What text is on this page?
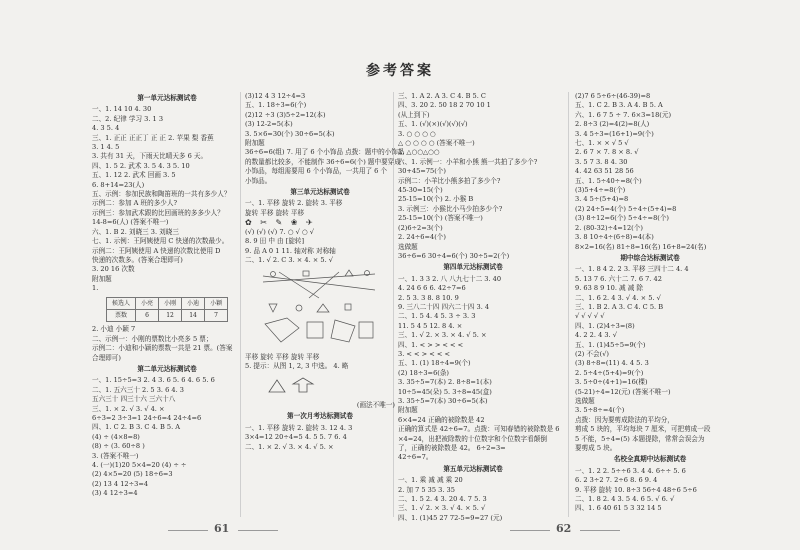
参考答案
第一单元达标测试卷
一、1. 14 10 4. 30
二、2. 纪律 学习 3. 1 3
4. 3 5. 4
三、1. 正正 正正丁 正 正 2. 苹果 梨 香蕉
3. 1 4. 5
3. 共有 31 天，下雨天比晴天多 6 天。
四、1. 5 2. 武术 3. 5 4. 3 5. 10
五、1. 12 2. 武术 回画 3. 5
6. 8+14=23(人)
五、示例：参加民族和陶笛班的一共有多少人？
示例二：参加 A 班的多少人?
示例三：参加武术跟的比回画班的多多少人？
14-8=6(人) (答案不唯一)
六、1. B 2. 刘晓三 3. 刘晓三
七、1. 示例：王阿姨使用 C 快递的次数最少。
示例二：王阿姨使用 A 快递的次数比使用 D
快递的次数多。(答案合理即可)
3. 20 16 次数
附加题
1.
候选人	小亮	小刚	小迪	小颖
票数	6	12	14	7
2. 小迪 小颖 7
二、示例一：小刚的票数比小亮多 5 票；
示例二：小迪和小颖的票数一共是 21 票。(答案
合理即可)
第二单元达标测试卷
一、1. 15÷5=3 2. 4 3. 6 5. 6 4. 6 5. 6
二、1. 五六三十 2. 5 3. 6 4. 3
五六三十 四三十六 三六十八
三、1. × 2. √ 3. √ 4. ×
6÷3=2 3÷3=1 24÷6=4 24÷4=6
四、1. C 2. B 3. C 4. B 5. A
(4) ÷ (4×8=8)
(8) ÷ (3. 60÷8 )
3. (答案不唯一)
4. (一)(1)20 5×4=20 (4) ÷ ÷
(2) 4×5=20 (5) 18÷6=3
(2) 13 4 12÷3=4
(3) 4 12÷3=4
(3)12 4 3 12÷4=3
五、1. 18÷3=6(个)
(2)12 ÷3 (3)5÷2=12(本)
(3) 12-2=5(本)
3. 5×6=30(个) 30÷6=5(本)
附加题
36÷6=6(组) 7. 用了 6 个小饰品 点拨：题中的小饰品
的数量都比较多，不能制作 36÷6=6(个) 题中要穿成
小饰品，每组需要用 6 个小饰品，一共用了 6 个
小饰品。
第三单元达标测试卷
一、1. 平移 旋转 2. 旋转 3. 平移
旋转 平移 旋转 平移
✿ ✂ ✎ ❀ ✈
(√) (√) (√) 7. ○ √ ○ √
8. 9 田 中 由 [旋转]
9. 品 A 0 1 11. 轴对称 对称轴
二、1. √ 2. C 3. × 4. × 5. √
平移 旋转 平移 旋转 平移
5. 提示：从图 1, 2, 3 中选。 4. 略
(画法不唯一)
第一次月考达标测试卷
一、1. 平移 旋转 2. 旋转 3. 12 4. 3
3×4=12 20÷4=5 4. 5 5. 7 6. 4
二、1. × 2. √ 3. × 4. √ 5. ×
三、1. A 2. A 3. C 4. B 5. C
四、3. 20 2. 50 18 2 70 10 1
(从上到下)
五、1. (√)(×)(√)(√)(√)
3. ○ ○ ○ ○
△ ○ ○ ○ ○ (答案不唯一)
2. △○○△○○
六、1. 示例一：小羊和小熊 熊一共拍了多少个?
30+45=75(个)
示例二：小羊比小熊多拍了多少个?
45-30=15(个)
25-15=10(个) 2. 小猴 B
3. 示例三：小猴比小马少拍多少个?
25-15=10(个) (答案不唯一)
(2)6÷2=3(个)
2. 24÷6=4(个)
选做题
36÷6=6 30÷4=6(个) 30÷5=2(个)
第四单元达标测试卷
一、1. 3 3 2. 八 八九七十二 3. 40
4. 24 6 6 6. 42÷7=6
2. 5 3. 3 8. 8 10. 9
9. 三八二十四 四六二十四 3. 4
二、1. 5 4. 4 5. 3 ÷ 3. 3
11. 5 4 5 12. 8 4. ×
三、1. √ 2. × 3. × 4. √ 5. ×
四、1. < > > < < <
3. < < > < < <
五、1. (1) 18÷4=9(个)
(2) 18÷3=6(条)
3. 35÷5=7(本) 2. 8÷8=1(本)
10÷5=45(朵) 5. 3÷8=45(盒)
3. 35÷5=7(本) 30÷6=5(本)
附加题
6×4=24 正确的被除数是 42
正确的算式是 42÷6=7。点拨：可知春错的被除数是 6
×4=24，出把被除数的十位数字和个位数字看颠倒
了，正确的被除数是 42。 6÷2=3=
42÷6=7。
第五单元达标测试卷
一、1. 乘 减 减 乘 20
2. 加 7 5 35 3. 35
二、1. 5 2. 4 3. 20 4. 7 5. 3
三、1. √ 2. × 3. √ 4. × 5. √
四、1. (1)45 27 72-5=9=27 (元)
(2)7 6 5÷6÷(46-39)=8
五、1. C 2. B 3. A 4. B 5. A
六、1. 6 7 5 ÷ 7. 6×3=18(元)
2. 8÷3 (2)=4(2)=8(人)
3. 4 5÷3=(16+1)=9(个)
七、1. × × √ 5 √
2. 6 7 × 7. 8 × 8. √
3. 5 7 3. 8 4. 30
4. 42 63 51 28 56
五、1. 5÷40÷=8(个)
(3)5+4÷=8(个)
3. 4 5÷(5+4)=8
(2) 24÷5=4(个) 5÷4÷(5+4)=8
(3) 8÷12=6(个) 5÷4÷=8(个)
2. (80-32)÷4=12(个)
3. 8 10÷4÷(6÷8)=4(本)
8×2=16(名) 81÷8=16(名) 16+8=24(名)
期中综合达标测试卷
一、1. 8 4 2. 2 3. 平移 三四十二 4. 4
5. 13 7 6. 六十二 7. 6 7. 42
9. 63 8 9 10. 减 减 除
二、1. 6 2. 4 3. √ 4. × 5. √
三、1. B 2. A 3. C 4. C 5. B
√ √ √ √ √
四、1. (2)4÷3=(8)
4. 2 2. 4 3. √
五、1. (1)45÷5=9(个)
(2) 不会(√)
(3) 8÷8=(11) 4. 4 5. 3
2. 5÷4÷(5+4)=9(个)
3. 5÷0÷(4+1)=16(棵)
(5-21)÷4=12(元) (答案不唯一)
选做题
3. 5÷8÷=4(个)
点拨：因为要剪成除法的平均分，
剪成 5 块的，平均每块 7 厘米，可把剪成一段
5 不能，5÷4=(5) 本题提除，常常会误会为
要剪成 5 块。
名校全真期中达标测试卷
一、1. 2 2. 5÷÷6 3. 4 4. 6÷÷ 5. 6
6. 2 3÷2 7. 2÷6 8. 6 9. 4
9. 平移 旋转 10. 8÷3 56÷4 48÷6 5÷6
二、1. 8 2. 4 3. 5 4. 6 5. √ 6. √
四、1. 6 40 61 5 3 32 14 5
61	62
